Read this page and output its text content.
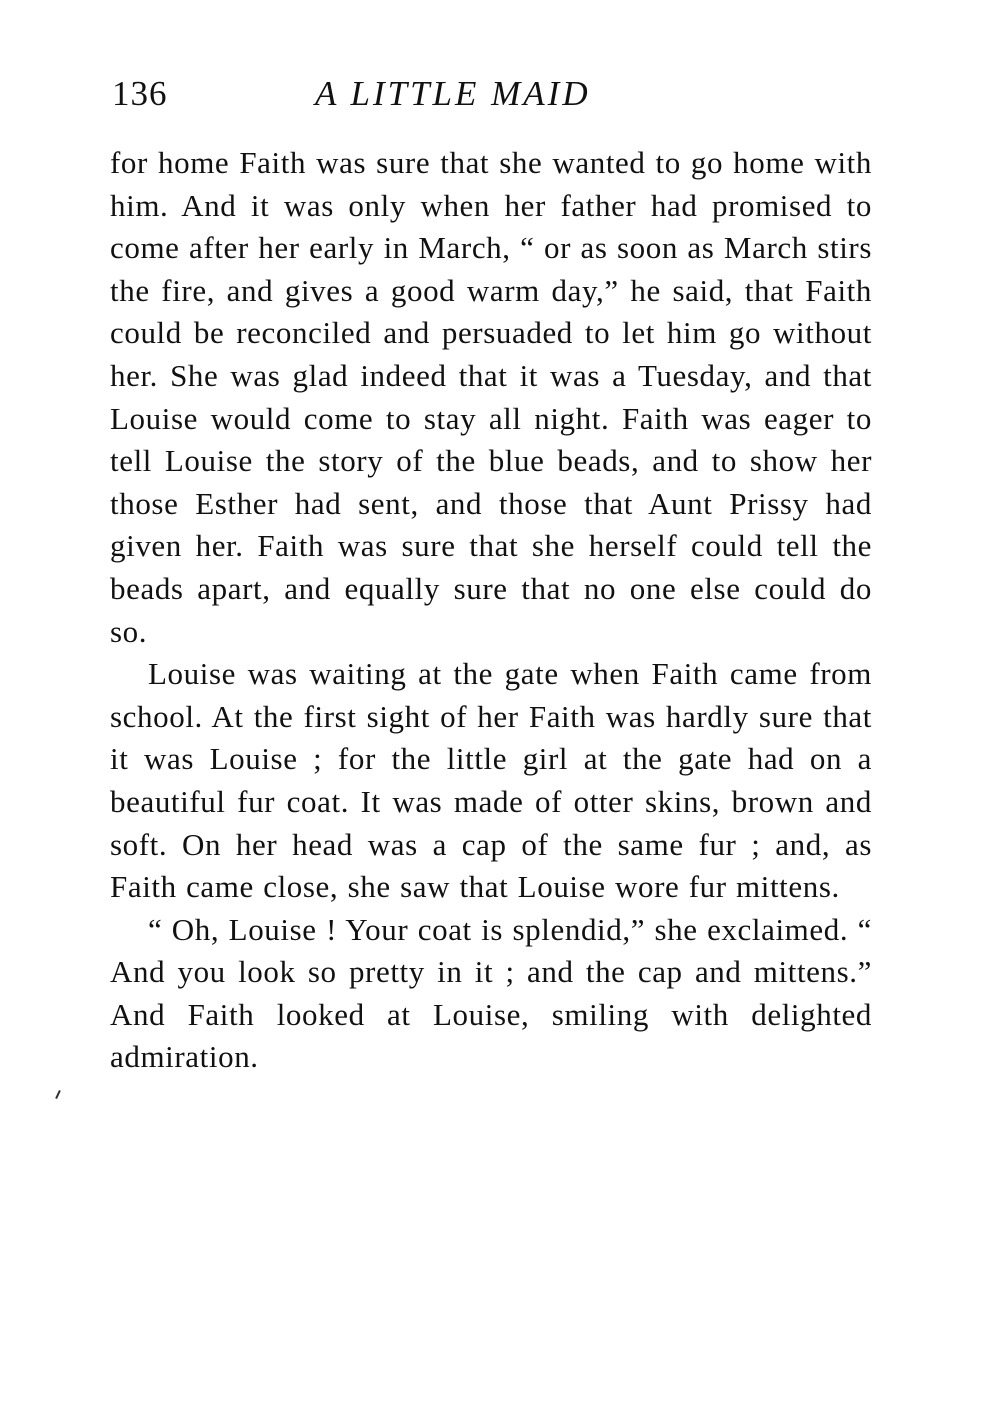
136	A LITTLE MAID

for home Faith was sure that she wanted to go home with him. And it was only when her father had promised to come after her early in March, “ or as soon as March stirs the fire, and gives a good warm day,” he said, that Faith could be reconciled and persuaded to let him go without her. She was glad indeed that it was a Tuesday, and that Louise would come to stay all night. Faith was eager to tell Louise the story of the blue beads, and to show her those Esther had sent, and those that Aunt Prissy had given her. Faith was sure that she herself could tell the beads apart, and equally sure that no one else could do so.

Louise was waiting at the gate when Faith came from school. At the first sight of her Faith was hardly sure that it was Louise ; for the little girl at the gate had on a beautiful fur coat. It was made of otter skins, brown and soft. On her head was a cap of the same fur ; and, as Faith came close, she saw that Louise wore fur mittens.

“ Oh, Louise ! Your coat is splendid,” she exclaimed. “ And you look so pretty in it ; and the cap and mittens.” And Faith looked at Louise, smiling with delighted admiration.
